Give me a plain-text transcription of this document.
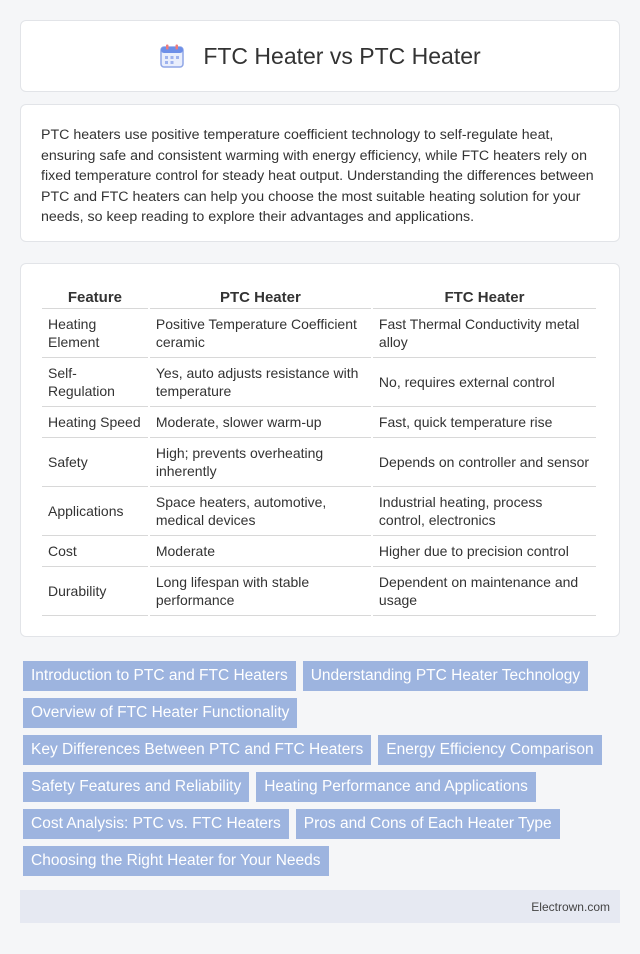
FTC Heater vs PTC Heater

PTC heaters use positive temperature coefficient technology to self-regulate heat, ensuring safe and consistent warming with energy efficiency, while FTC heaters rely on fixed temperature control for steady heat output. Understanding the differences between PTC and FTC heaters can help you choose the most suitable heating solution for your needs, so keep reading to explore their advantages and applications.

Feature	PTC Heater	FTC Heater
Heating Element	Positive Temperature Coefficient ceramic	Fast Thermal Conductivity metal alloy
Self-Regulation	Yes, auto adjusts resistance with temperature	No, requires external control
Heating Speed	Moderate, slower warm-up	Fast, quick temperature rise
Safety	High; prevents overheating inherently	Depends on controller and sensor
Applications	Space heaters, automotive, medical devices	Industrial heating, process control, electronics
Cost	Moderate	Higher due to precision control
Durability	Long lifespan with stable performance	Dependent on maintenance and usage
Introduction to PTC and FTC Heaters	Understanding PTC Heater Technology
Overview of FTC Heater Functionality
Key Differences Between PTC and FTC Heaters	Energy Efficiency Comparison
Safety Features and Reliability	Heating Performance and Applications
Cost Analysis: PTC vs. FTC Heaters	Pros and Cons of Each Heater Type
Choosing the Right Heater for Your Needs
Electrown.com
